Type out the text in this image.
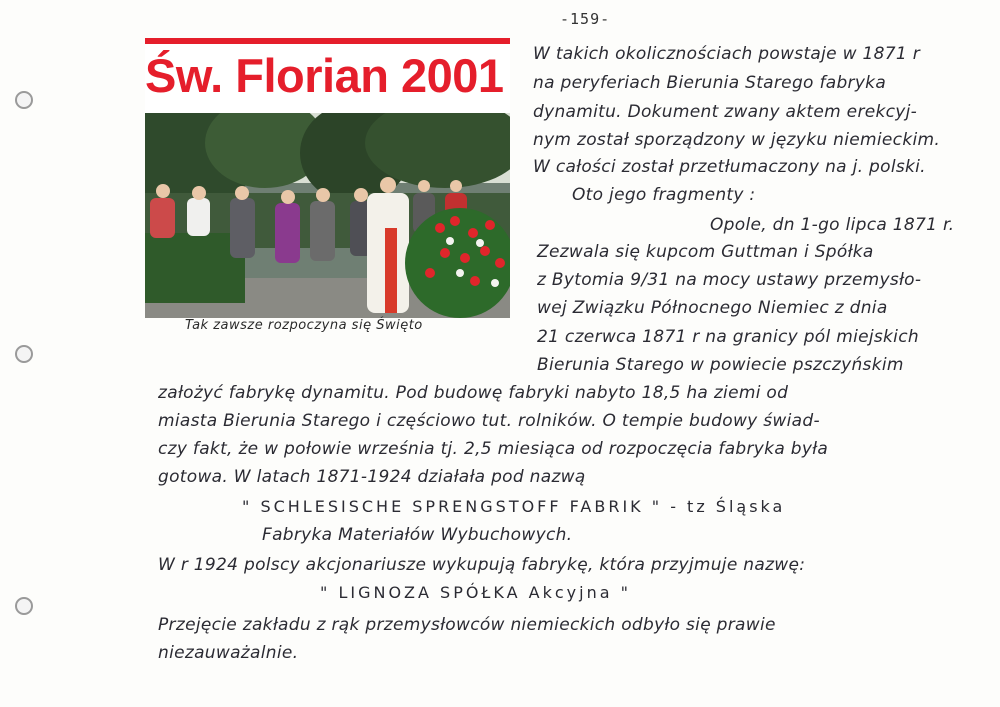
-159-
Św. Florian 2001
Tak zawsze rozpoczyna się Święto
W takich okolicznościach powstaje w 1871 r
na peryferiach Bierunia Starego fabryka
dynamitu. Dokument zwany aktem erekcyj-
nym został sporządzony w języku niemieckim.
W całości został przetłumaczony na j. polski.
Oto jego fragmenty :
Opole, dn 1-go lipca 1871 r.
Zezwala się kupcom Guttman i Spółka
z Bytomia 9/31 na mocy ustawy przemysło-
wej Związku Północnego Niemiec z dnia
21 czerwca 1871 r na granicy pól miejskich
Bierunia Starego w powiecie pszczyńskim
założyć fabrykę dynamitu. Pod budowę fabryki nabyto 18,5 ha ziemi od
miasta Bierunia Starego i częściowo tut. rolników. O tempie budowy świad-
czy fakt, że w połowie września tj. 2,5 miesiąca od rozpoczęcia fabryka była
gotowa. W latach 1871-1924 działała pod nazwą
" SCHLESISCHE SPRENGSTOFF FABRIK " - tz Śląska
Fabryka Materiałów Wybuchowych.
W r 1924 polscy akcjonariusze wykupują fabrykę, która przyjmuje nazwę:
" LIGNOZA SPÓŁKA Akcyjna "
Przejęcie zakładu z rąk przemysłowców niemieckich odbyło się prawie
niezauważalnie.
